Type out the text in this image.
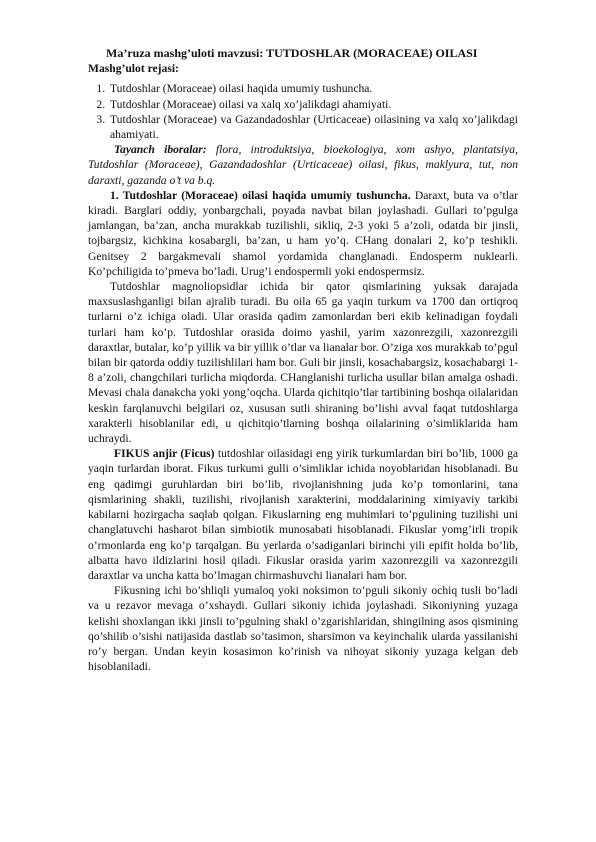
Ma’ruza mashg’uloti mavzusi: TUTDOSHLAR (MORACEAE) OILASI

Mashg’ulot rejasi:

1. Tutdoshlar (Moraceae) oilasi haqida umumiy tushuncha.
2. Tutdoshlar (Moraceae) oilasi va xalq xo’jalikdagi ahamiyati.
3. Tutdoshlar (Moraceae) va Gazandadoshlar (Urticaceae) oilasining va xalq xo’jalikdagi ahamiyati.

Tayanch iboralar: flora, introduktsiya, bioekologiya, xom ashyo, plantatsiya, Tutdoshlar (Moraceae), Gazandadoshlar (Urticaceae) oilasi, fikus, maklyura, tut, non daraxti, gazanda o’t va b.q.

1. Tutdoshlar (Moraceae) oilasi haqida umumiy tushuncha. Daraxt, buta va o’tlar kiradi. Barglari oddiy, yonbargchali, poyada navbat bilan joylashadi. Gullari to’pgulga jamlangan, ba’zan, ancha murakkab tuzilishli, sikliq, 2-3 yoki 5 a’zoli, odatda bir jinsli, tojbargsiz, kichkina kosabargli, ba’zan, u ham yo’q. CHang donalari 2, ko’p teshikli. Genitsey 2 bargakmevali shamol yordamida changlanadi. Endosperm nuklearli. Ko’pchiligida to’pmeva bo’ladi. Urug’i endospermli yoki endospermsiz.

Tutdoshlar magnoliopsidlar ichida bir qator qismlarining yuksak darajada maxsuslashganligi bilan ajralib turadi. Bu oila 65 ga yaqin turkum va 1700 dan ortiqroq turlarni o’z ichiga oladi. Ular orasida qadim zamonlardan beri ekib kelinadigan foydali turlari ham ko’p. Tutdoshlar orasida doimo yashil, yarim xazonrezgili, xazonrezgili daraxtlar, butalar, ko’p yillik va bir yillik o’tlar va lianalar bor. O’ziga xos murakkab to’pgul bilan bir qatorda oddiy tuzilishlilari ham bor. Guli bir jinsli, kosachabargsiz, kosachabargi 1-8 a’zoli, changchilari turlicha miqdorda. CHanglanishi turlicha usullar bilan amalga oshadi. Mevasi chala danakcha yoki yong’oqcha. Ularda qichitqio’tlar tartibining boshqa oilalaridan keskin farqlanuvchi belgilari oz, xususan sutli shiraning bo’lishi avval faqat tutdoshlarga xarakterli hisoblanilar edi, u qichitqio’tlarning boshqa oilalarining o’simliklarida ham uchraydi.

FIKUS anjir (Ficus) tutdoshlar oilasidagi eng yirik turkumlardan biri bo’lib, 1000 ga yaqin turlardan iborat. Fikus turkumi gulli o’simliklar ichida noyoblaridan hisoblanadi. Bu eng qadimgi guruhlardan biri bo’lib, rivojlanishning juda ko’p tomonlarini, tana qismlarining shakli, tuzilishi, rivojlanish xarakterini, moddalarining ximiyaviy tarkibi kabilarni hozirgacha saqlab qolgan. Fikuslarning eng muhimlari to’pgulining tuzilishi uni changlatuvchi hasharot bilan simbiotik munosabati hisoblanadi. Fikuslar yomg’irli tropik o’rmonlarda eng ko’p tarqalgan. Bu yerlarda o’sadiganlari birinchi yili epifit holda bo’lib, albatta havo ildizlarini hosil qiladi. Fikuslar orasida yarim xazonrezgili va xazonrezgili daraxtlar va uncha katta bo’lmagan chirmashuvchi lianalari ham bor.

Fikusning ichi bo’shliqli yumaloq yoki noksimon to’pguli sikoniy ochiq tusli bo’ladi va u rezavor mevaga o’xshaydi. Gullari sikoniy ichida joylashadi. Sikoniyning yuzaga kelishi shoxlangan ikki jinsli to’pgulning shakl o’zgarishlaridan, shingilning asos qismining qo’shilib o’sishi natijasida dastlab so’tasimon, sharsimon va keyinchalik ularda yassilanishi ro’y bergan. Undan keyin kosasimon ko’rinish va nihoyat sikoniy yuzaga kelgan deb hisoblaniladi.
